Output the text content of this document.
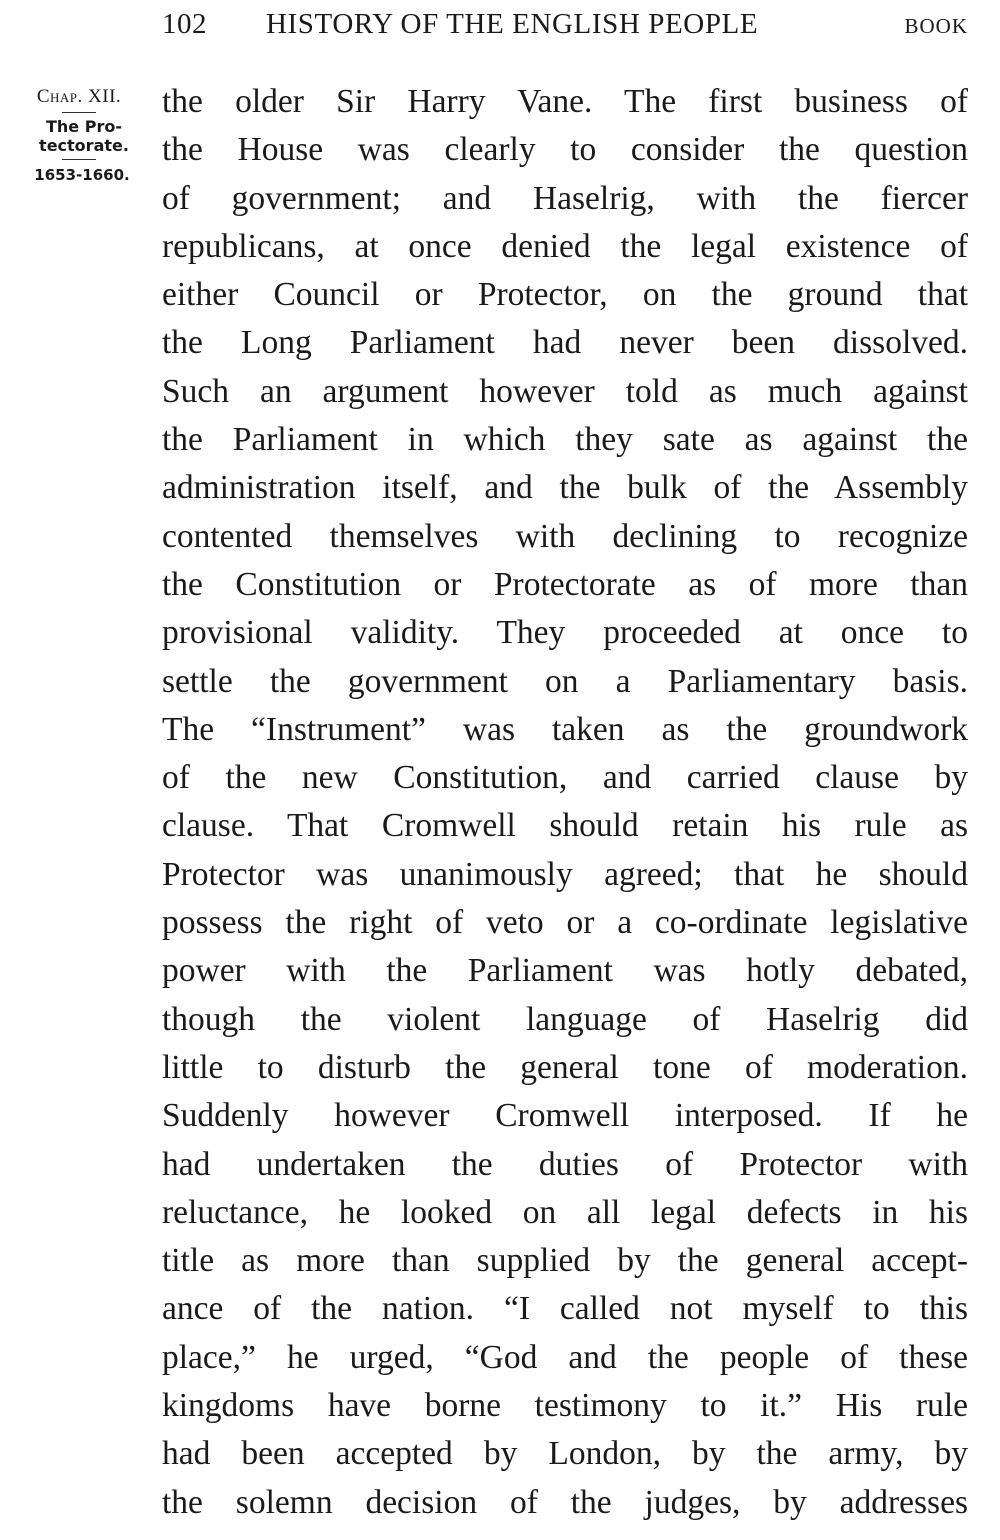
102 HISTORY OF THE ENGLISH PEOPLE	BOOK
Chap. XII.
The Pro-
tectorate.
1653-1660.
the older Sir Harry Vane. The first business of
the House was clearly to consider the question
of government; and Haselrig, with the fiercer
republicans, at once denied the legal existence of
either Council or Protector, on the ground that
the Long Parliament had never been dissolved.
Such an argument however told as much against
the Parliament in which they sate as against the
administration itself, and the bulk of the Assembly
contented themselves with declining to recognize
the Constitution or Protectorate as of more than
provisional validity. They proceeded at once to
settle the government on a Parliamentary basis.
The “Instrument” was taken as the groundwork
of the new Constitution, and carried clause by
clause. That Cromwell should retain his rule as
Protector was unanimously agreed; that he should
possess the right of veto or a co-ordinate legislative
power with the Parliament was hotly debated,
though the violent language of Haselrig did
little to disturb the general tone of moderation.
Suddenly however Cromwell interposed. If he
had undertaken the duties of Protector with
reluctance, he looked on all legal defects in his
title as more than supplied by the general accept-
ance of the nation. “I called not myself to this
place,” he urged, “God and the people of these
kingdoms have borne testimony to it.” His rule
had been accepted by London, by the army, by
the solemn decision of the judges, by addresses
